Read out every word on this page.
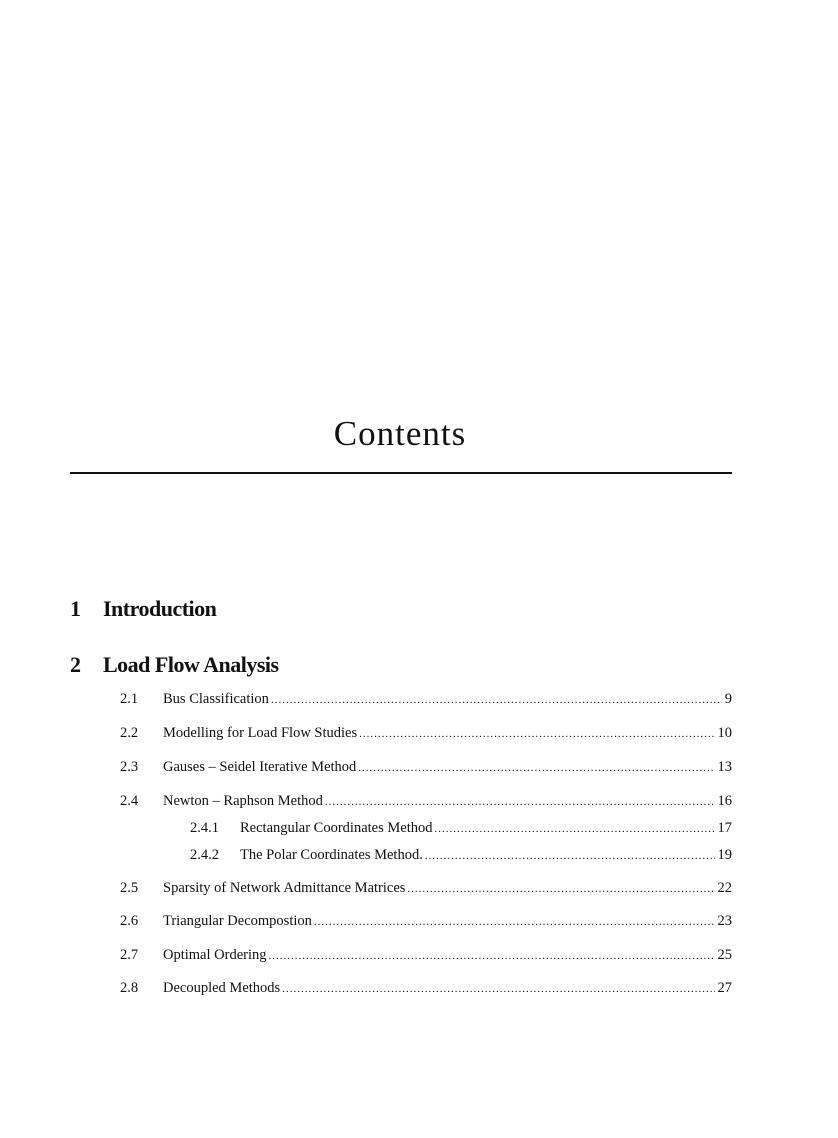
Contents
1 Introduction
2 Load Flow Analysis
2.1	Bus Classification .....	9
2.2	Modelling for Load Flow Studies .....	10
2.3	Gauses – Seidel Iterative Method .....	13
2.4	Newton – Raphson Method .....	16
2.4.1	Rectangular Coordinates Method .....	17
2.4.2	The Polar Coordinates Method. .....	19
2.5	Sparsity of Network Admittance Matrices .....	22
2.6	Triangular Decompostion .....	23
2.7	Optimal Ordering .....	25
2.8	Decoupled Methods .....	27
